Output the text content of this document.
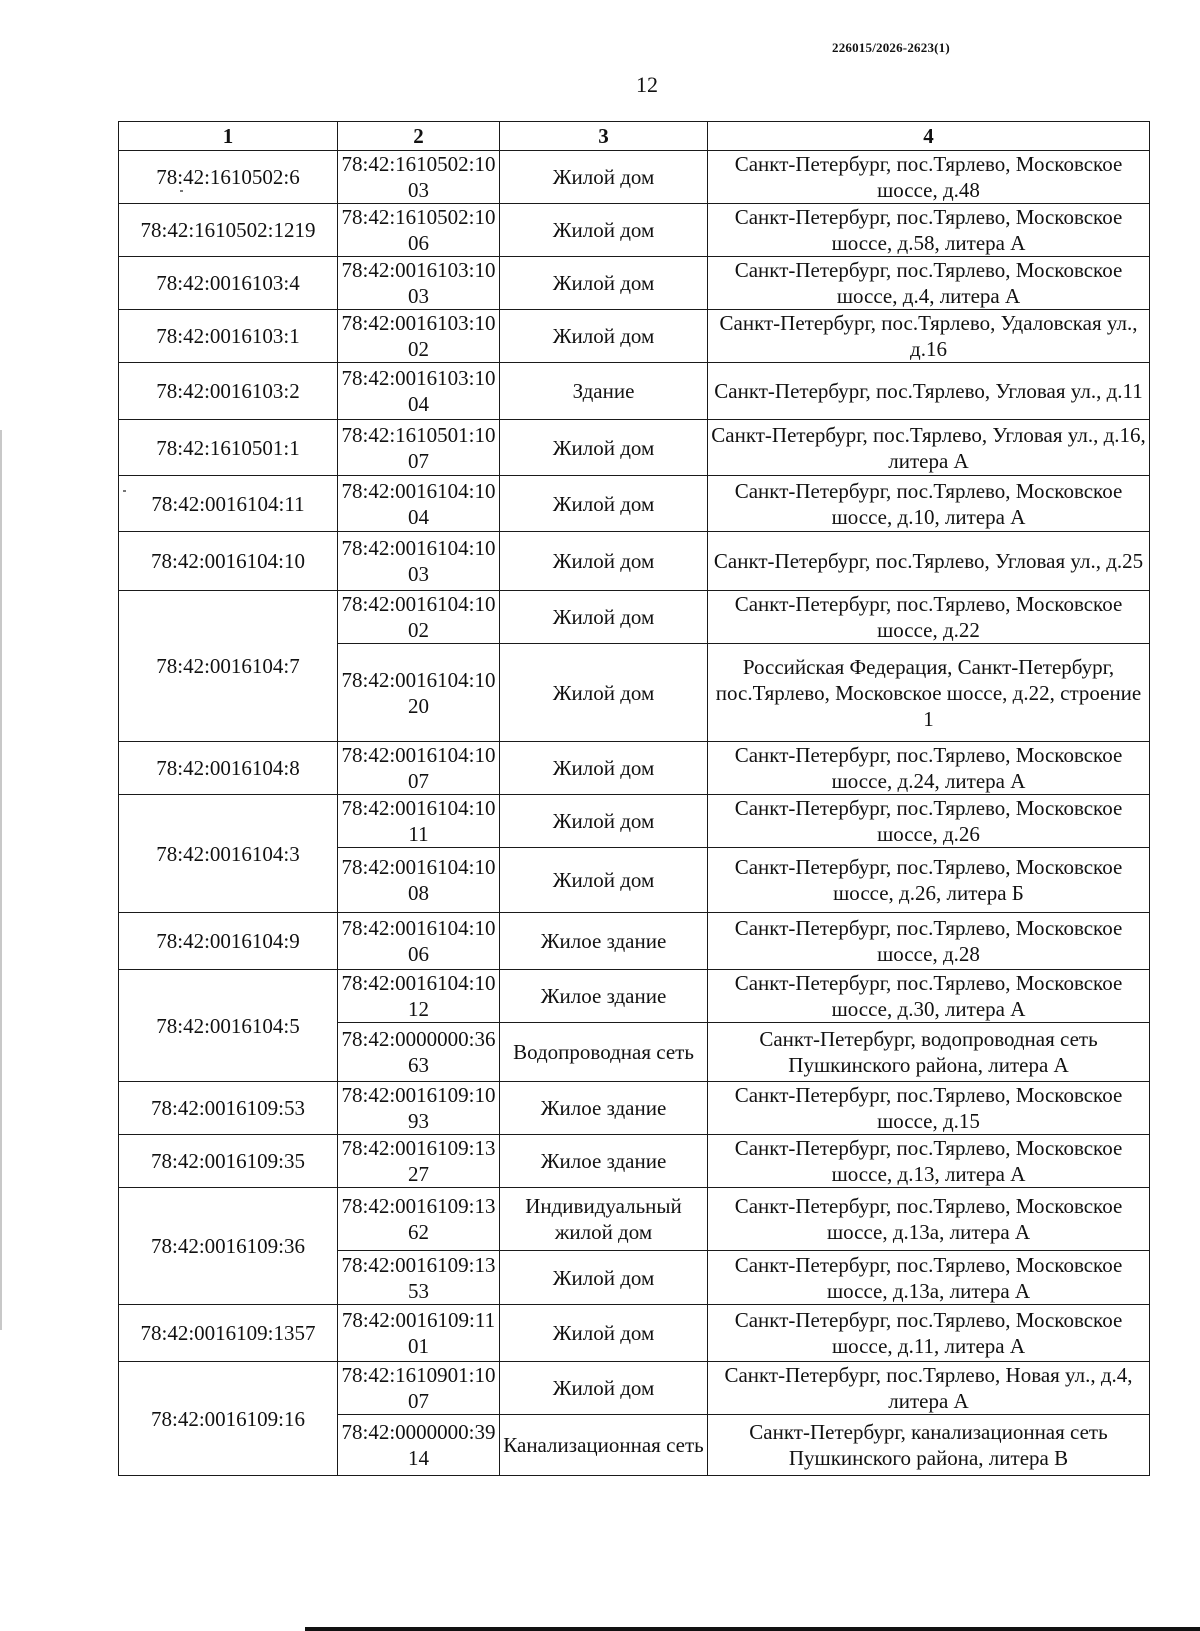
226015/2026-2623(1)
12
1	2	3	4
78:42:1610502:6	78:42:1610502:1003	Жилой дом	Санкт-Петербург, пос.Тярлево, Московское шоссе, д.48
78:42:1610502:1219	78:42:1610502:1006	Жилой дом	Санкт-Петербург, пос.Тярлево, Московское шоссе, д.58, литера А
78:42:0016103:4	78:42:0016103:1003	Жилой дом	Санкт-Петербург, пос.Тярлево, Московское шоссе, д.4, литера А
78:42:0016103:1	78:42:0016103:1002	Жилой дом	Санкт-Петербург, пос.Тярлево, Удаловская ул., д.16
78:42:0016103:2	78:42:0016103:1004	Здание	Санкт-Петербург, пос.Тярлево, Угловая ул., д.11
78:42:1610501:1	78:42:1610501:1007	Жилой дом	Санкт-Петербург, пос.Тярлево, Угловая ул., д.16, литера А
78:42:0016104:11	78:42:0016104:1004	Жилой дом	Санкт-Петербург, пос.Тярлево, Московское шоссе, д.10, литера А
78:42:0016104:10	78:42:0016104:1003	Жилой дом	Санкт-Петербург, пос.Тярлево, Угловая ул., д.25
78:42:0016104:7	78:42:0016104:1002	Жилой дом	Санкт-Петербург, пос.Тярлево, Московское шоссе, д.22
	78:42:0016104:1020	Жилой дом	Российская Федерация, Санкт-Петербург, пос.Тярлево, Московское шоссе, д.22, строение 1
78:42:0016104:8	78:42:0016104:1007	Жилой дом	Санкт-Петербург, пос.Тярлево, Московское шоссе, д.24, литера А
78:42:0016104:3	78:42:0016104:1011	Жилой дом	Санкт-Петербург, пос.Тярлево, Московское шоссе, д.26
	78:42:0016104:1008	Жилой дом	Санкт-Петербург, пос.Тярлево, Московское шоссе, д.26, литера Б
78:42:0016104:9	78:42:0016104:1006	Жилое здание	Санкт-Петербург, пос.Тярлево, Московское шоссе, д.28
78:42:0016104:5	78:42:0016104:1012	Жилое здание	Санкт-Петербург, пос.Тярлево, Московское шоссе, д.30, литера А
	78:42:0000000:3663	Водопроводная сеть	Санкт-Петербург, водопроводная сеть Пушкинского района, литера А
78:42:0016109:53	78:42:0016109:1093	Жилое здание	Санкт-Петербург, пос.Тярлево, Московское шоссе, д.15
78:42:0016109:35	78:42:0016109:1327	Жилое здание	Санкт-Петербург, пос.Тярлево, Московское шоссе, д.13, литера А
78:42:0016109:36	78:42:0016109:1362	Индивидуальный жилой дом	Санкт-Петербург, пос.Тярлево, Московское шоссе, д.13а, литера А
	78:42:0016109:1353	Жилой дом	Санкт-Петербург, пос.Тярлево, Московское шоссе, д.13а, литера А
78:42:0016109:1357	78:42:0016109:1101	Жилой дом	Санкт-Петербург, пос.Тярлево, Московское шоссе, д.11, литера А
78:42:0016109:16	78:42:1610901:1007	Жилой дом	Санкт-Петербург, пос.Тярлево, Новая ул., д.4, литера А
	78:42:0000000:3914	Канализационная сеть	Санкт-Петербург, канализационная сеть Пушкинского района, литера В
